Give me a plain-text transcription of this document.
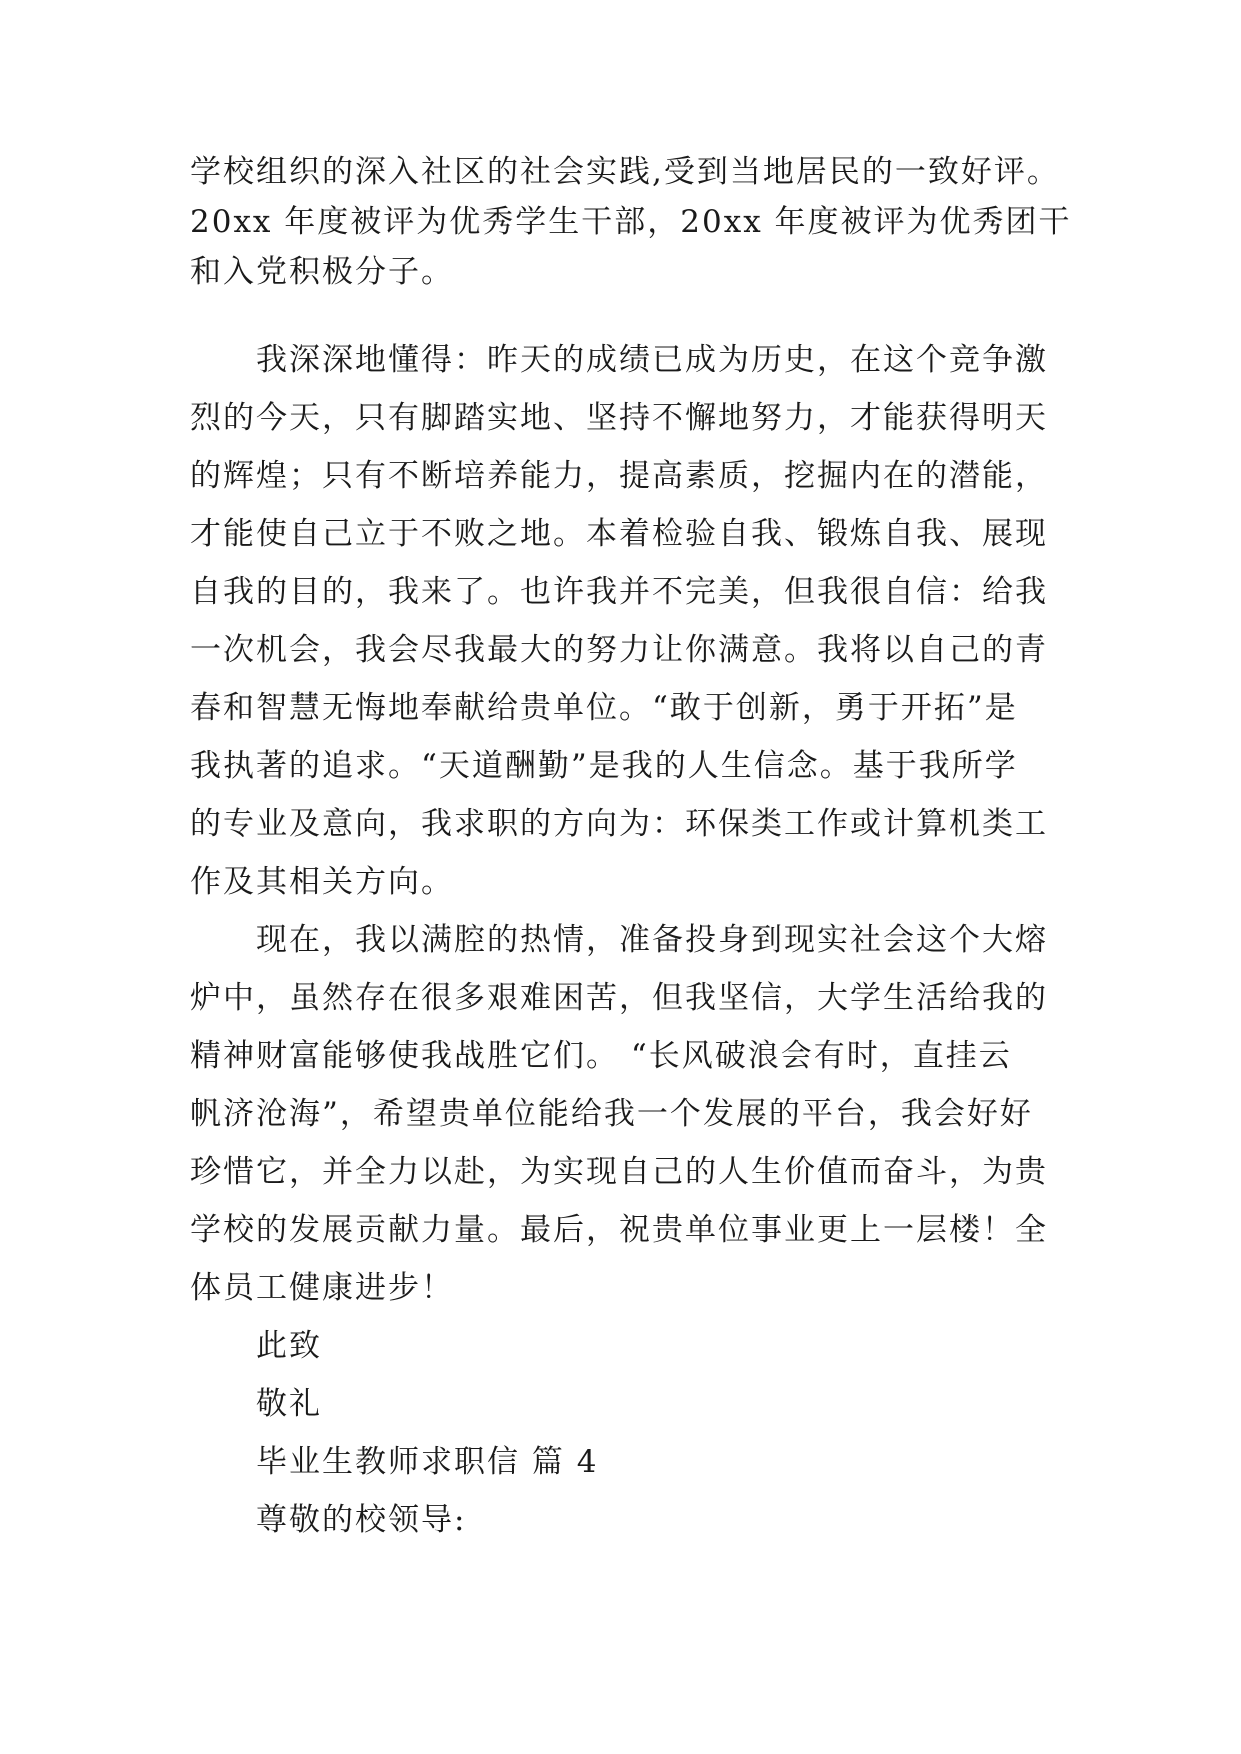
学校组织的深入社区的社会实践,受到当地居民的一致好评。

20xx 年度被评为优秀学生干部，20xx 年度被评为优秀团干

和入党积极分子。

我深深地懂得：昨天的成绩已成为历史，在这个竞争激

烈的今天，只有脚踏实地、坚持不懈地努力，才能获得明天

的辉煌；只有不断培养能力，提高素质，挖掘内在的潜能，

才能使自己立于不败之地。本着检验自我、锻炼自我、展现

自我的目的，我来了。也许我并不完美，但我很自信：给我

一次机会，我会尽我最大的努力让你满意。我将以自己的青

春和智慧无悔地奉献给贵单位。“敢于创新，勇于开拓”是

我执著的追求。“天道酬勤”是我的人生信念。基于我所学

的专业及意向，我求职的方向为：环保类工作或计算机类工

作及其相关方向。

现在，我以满腔的热情，准备投身到现实社会这个大熔

炉中，虽然存在很多艰难困苦，但我坚信，大学生活给我的

精神财富能够使我战胜它们。 “长风破浪会有时，直挂云

帆济沧海”，希望贵单位能给我一个发展的平台，我会好好

珍惜它，并全力以赴，为实现自己的人生价值而奋斗，为贵

学校的发展贡献力量。最后，祝贵单位事业更上一层楼！全

体员工健康进步！

此致

敬礼

毕业生教师求职信 篇 4

尊敬的校领导:
